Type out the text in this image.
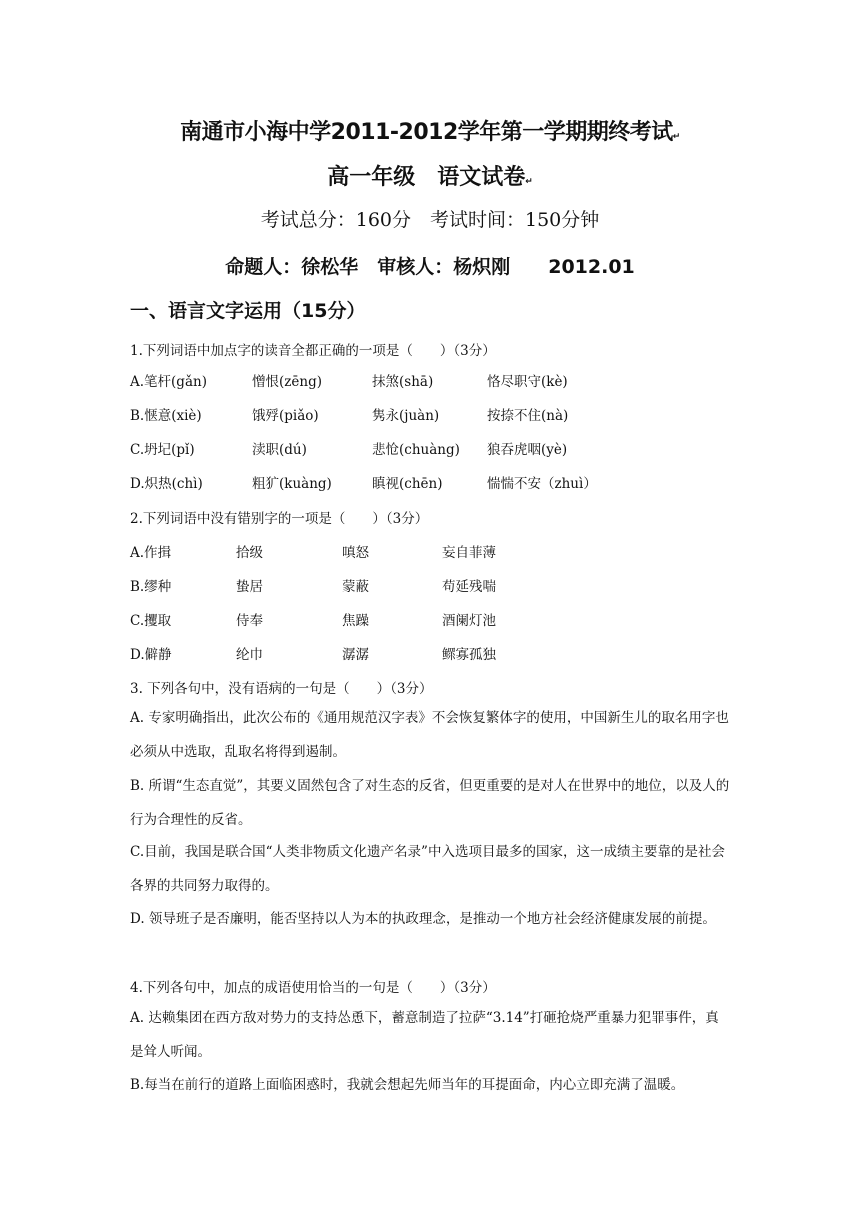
南通市小海中学2011-2012学年第一学期期终考试↵
高一年级　语文试卷↵
考试总分：160分　考试时间：150分钟
命题人：徐松华　审核人：杨炽刚　　2012.01
一、语言文字运用（15分）
1.下列词语中加点字的读音全都正确的一项是（　　）（3分）
A.笔杆(gǎn)	憎恨(zēng)	抹煞(shā)	恪尽职守(kè)
B.惬意(xiè)	饿殍(piǎo)	隽永(juàn)	按捺不住(nà)
C.坍圮(pǐ)	渎职(dú)	悲怆(chuàng) 狼吞虎咽(yè)
D.炽热(chì)	粗犷(kuàng)	瞋视(chēn)	惴惴不安（zhuì）
2.下列词语中没有错别字的一项是（　　）（3分）
A.作揖	拾级	嗔怒	妄自菲薄
B.缪种	蛰居	蒙蔽	苟延残喘
C.攫取	侍奉	焦躁	酒阑灯池
D.僻静	纶巾	潺潺	鳏寡孤独
3. 下列各句中，没有语病的一句是（　　）（3分）
A. 专家明确指出，此次公布的《通用规范汉字表》不会恢复繁体字的使用，中国新生儿的取名用字也必须从中选取，乱取名将得到遏制。
B. 所谓“生态直觉”，其要义固然包含了对生态的反省，但更重要的是对人在世界中的地位，以及人的行为合理性的反省。
C.目前，我国是联合国“人类非物质文化遗产名录”中入选项目最多的国家，这一成绩主要靠的是社会各界的共同努力取得的。
D. 领导班子是否廉明，能否坚持以人为本的执政理念，是推动一个地方社会经济健康发展的前提。
4.下列各句中，加点的成语使用恰当的一句是（　　）（3分）
A. 达赖集团在西方敌对势力的支持怂恿下，蓄意制造了拉萨“3.14”打砸抢烧严重暴力犯罪事件，真是耸人听闻。
B.每当在前行的道路上面临困惑时，我就会想起先师当年的耳提面命，内心立即充满了温暖。
